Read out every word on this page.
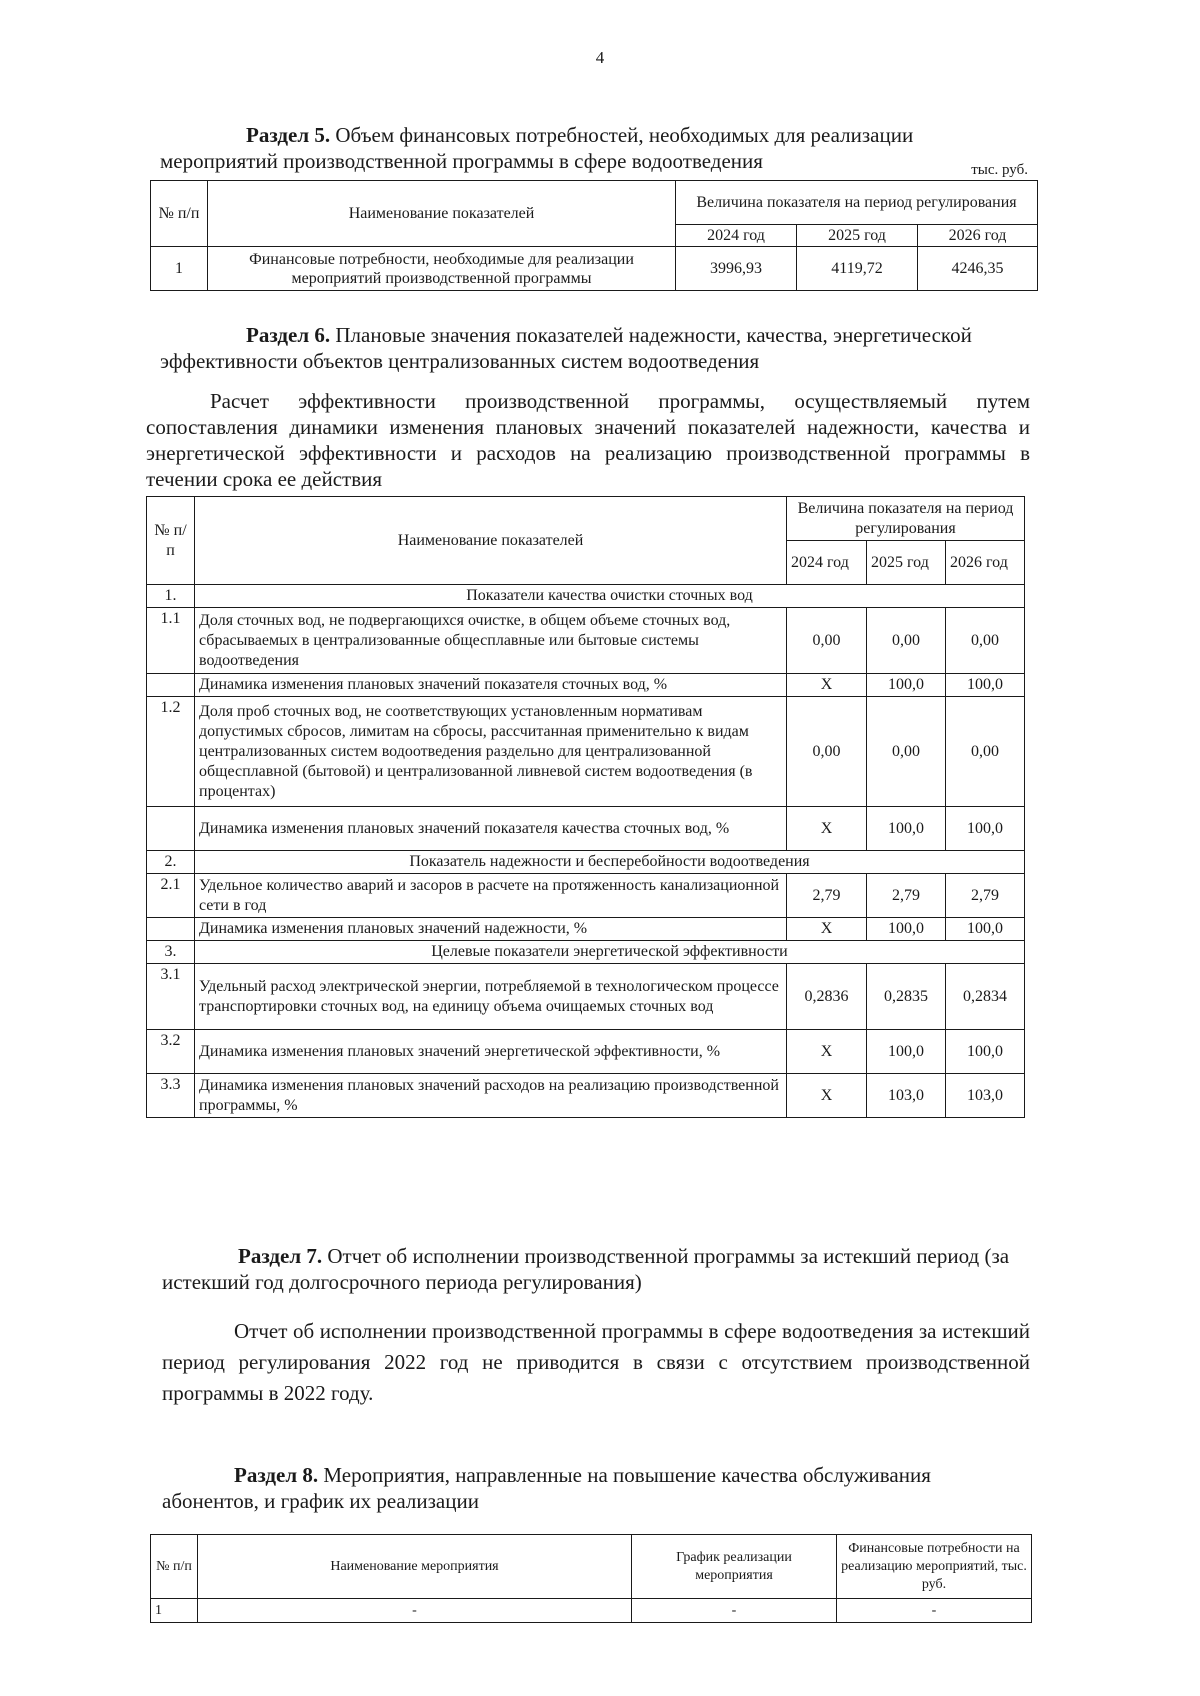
4
Раздел 5. Объем финансовых потребностей, необходимых для реализации мероприятий производственной программы в сфере водоотведения	тыс. руб.
№ п/п	Наименование показателей	Величина показателя на период регулирования		
		2024 год	2025 год	2026 год
1	Финансовые потребности, необходимые для реализации мероприятий производственной программы	3996,93	4119,72	4246,35
Раздел 6. Плановые значения показателей надежности, качества, энергетической эффективности объектов централизованных систем водоотведения
Расчет эффективности производственной программы, осуществляемый путем сопоставления динамики изменения плановых значений показателей надежности, качества и энергетической эффективности и расходов на реализацию производственной программы в течении срока ее действия
№ п/п	Наименование показателей	Величина показателя на период регулирования		
		2024 год	2025 год	2026 год
1.	Показатели качества очистки сточных вод			
1.1	Доля сточных вод, не подвергающихся очистке, в общем объеме сточных вод, сбрасываемых в централизованные общесплавные или бытовые системы водоотведения	0,00	0,00	0,00
	Динамика изменения плановых значений показателя сточных вод, %	Х	100,0	100,0
1.2	Доля проб сточных вод, не соответствующих установленным нормативам допустимых сбросов, лимитам на сбросы, рассчитанная применительно к видам централизованных систем водоотведения раздельно для централизованной общесплавной (бытовой) и централизованной ливневой систем водоотведения (в процентах)	0,00	0,00	0,00
	Динамика изменения плановых значений показателя качества сточных вод, %	Х	100,0	100,0
2.	Показатель надежности и бесперебойности водоотведения			
2.1	Удельное количество аварий и засоров в расчете на протяженность канализационной сети в год	2,79	2,79	2,79
	Динамика изменения плановых значений надежности, %	Х	100,0	100,0
3.	Целевые показатели энергетической эффективности			
3.1	Удельный расход электрической энергии, потребляемой в технологическом процессе транспортировки сточных вод, на единицу объема очищаемых сточных вод	0,2836	0,2835	0,2834
3.2	Динамика изменения плановых значений энергетической эффективности, %	Х	100,0	100,0
3.3	Динамика изменения плановых значений расходов на реализацию производственной программы, %	Х	103,0	103,0
Раздел 7. Отчет об исполнении производственной программы за истекший период (за истекший год долгосрочного периода регулирования)
Отчет об исполнении производственной программы в сфере водоотведения за истекший период регулирования 2022 год не приводится в связи с отсутствием производственной программы в 2022 году.
Раздел 8. Мероприятия, направленные на повышение качества обслуживания абонентов, и график их реализации
№ п/п	Наименование мероприятия	График реализации мероприятия	Финансовые потребности на реализацию мероприятий, тыс. руб.
1	-	-	-
